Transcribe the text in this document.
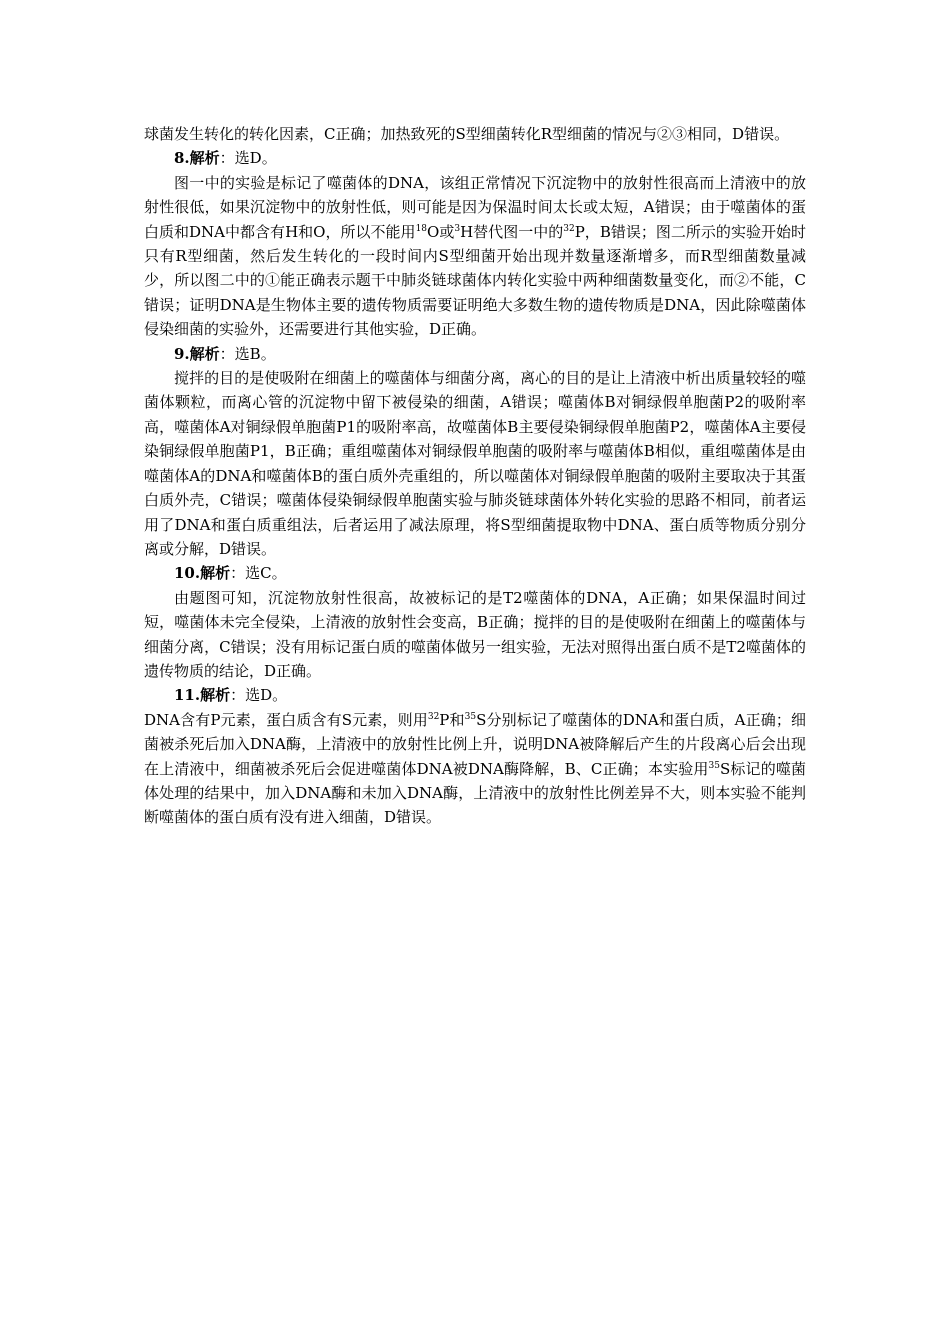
球菌发生转化的转化因素，C正确；加热致死的S型细菌转化R型细菌的情况与②③相同，D错误。

8.解析：选D。

图一中的实验是标记了噬菌体的DNA，该组正常情况下沉淀物中的放射性很高而上清液中的放射性很低，如果沉淀物中的放射性低，则可能是因为保温时间太长或太短，A错误；由于噬菌体的蛋白质和DNA中都含有H和O，所以不能用$^{18}$O或$^3$H替代图一中的$^{32}$P，B错误；图二所示的实验开始时只有R型细菌，然后发生转化的一段时间内S型细菌开始出现并数量逐渐增多，而R型细菌数量减少，所以图二中的①能正确表示题干中肺炎链球菌体内转化实验中两种细菌数量变化，而②不能，C错误；证明DNA是生物体主要的遗传物质需要证明绝大多数生物的遗传物质是DNA，因此除噬菌体侵染细菌的实验外，还需要进行其他实验，D正确。

9.解析：选B。

搅拌的目的是使吸附在细菌上的噬菌体与细菌分离，离心的目的是让上清液中析出质量较轻的噬菌体颗粒，而离心管的沉淀物中留下被侵染的细菌，A错误；噬菌体B对铜绿假单胞菌P2的吸附率高，噬菌体A对铜绿假单胞菌P1的吸附率高，故噬菌体B主要侵染铜绿假单胞菌P2，噬菌体A主要侵染铜绿假单胞菌P1，B正确；重组噬菌体对铜绿假单胞菌的吸附率与噬菌体B相似，重组噬菌体是由噬菌体A的DNA和噬菌体B的蛋白质外壳重组的，所以噬菌体对铜绿假单胞菌的吸附主要取决于其蛋白质外壳，C错误；噬菌体侵染铜绿假单胞菌实验与肺炎链球菌体外转化实验的思路不相同，前者运用了DNA和蛋白质重组法，后者运用了减法原理，将S型细菌提取物中DNA、蛋白质等物质分别分离或分解，D错误。

10.解析：选C。

由题图可知，沉淀物放射性很高，故被标记的是T2噬菌体的DNA，A正确；如果保温时间过短，噬菌体未完全侵染，上清液的放射性会变高，B正确；搅拌的目的是使吸附在细菌上的噬菌体与细菌分离，C错误；没有用标记蛋白质的噬菌体做另一组实验，无法对照得出蛋白质不是T2噬菌体的遗传物质的结论，D正确。

11.解析：选D。

DNA含有P元素，蛋白质含有S元素，则用$^{32}$P和$^{35}$S分别标记了噬菌体的DNA和蛋白质，A正确；细菌被杀死后加入DNA酶，上清液中的放射性比例上升，说明DNA被降解后产生的片段离心后会出现在上清液中，细菌被杀死后会促进噬菌体DNA被DNA酶降解，B、C正确；本实验用$^{35}$S标记的噬菌体处理的结果中，加入DNA酶和未加入DNA酶，上清液中的放射性比例差异不大，则本实验不能判断噬菌体的蛋白质有没有进入细菌，D错误。
